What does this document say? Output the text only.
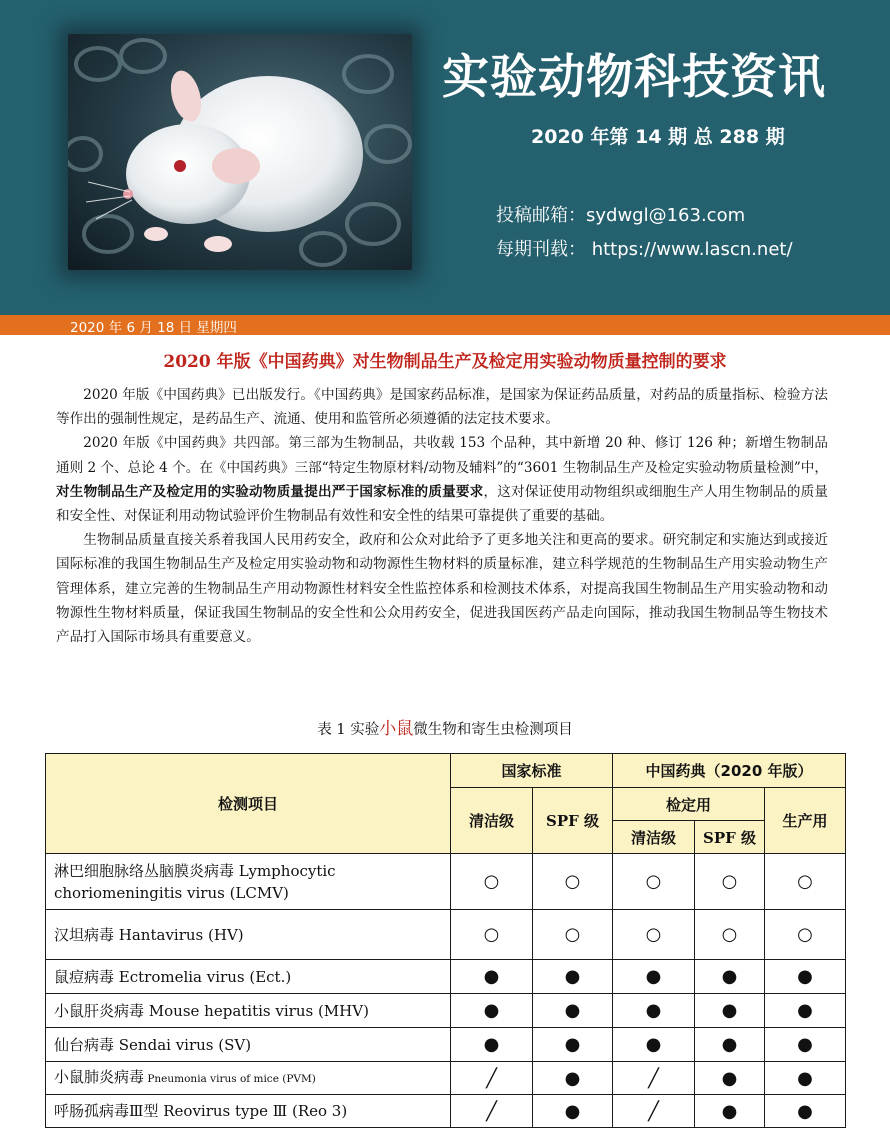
实验动物科技资讯
2020 年第 14 期 总 288 期
投稿邮箱：sydwgl@163.com
每期刊载： https://www.lascn.net/
2020 年 6 月 18 日 星期四
2020 年版《中国药典》对生物制品生产及检定用实验动物质量控制的要求

2020 年版《中国药典》已出版发行。《中国药典》是国家药品标准，是国家为保证药品质量，对药品的质量指标、检验方法等作出的强制性规定，是药品生产、流通、使用和监管所必须遵循的法定技术要求。

2020 年版《中国药典》共四部。第三部为生物制品，共收载 153 个品种，其中新增 20 种、修订 126 种；新增生物制品通则 2 个、总论 4 个。在《中国药典》三部“特定生物原材料/动物及辅料”的“3601 生物制品生产及检定实验动物质量检测”中，对生物制品生产及检定用的实验动物质量提出严于国家标准的质量要求，这对保证使用动物组织或细胞生产人用生物制品的质量和安全性、对保证利用动物试验评价生物制品有效性和安全性的结果可靠提供了重要的基础。

生物制品质量直接关系着我国人民用药安全，政府和公众对此给予了更多地关注和更高的要求。研究制定和实施达到或接近国际标准的我国生物制品生产及检定用实验动物和动物源性生物材料的质量标准，建立科学规范的生物制品生产用实验动物生产管理体系，建立完善的生物制品生产用动物源性材料安全性监控体系和检测技术体系，对提高我国生物制品生产用实验动物和动物源性生物材料质量，保证我国生物制品的安全性和公众用药安全，促进我国医药产品走向国际，推动我国生物制品等生物技术产品打入国际市场具有重要意义。

表 1 实验小鼠微生物和寄生虫检测项目
检测项目	国家标准		中国药典（2020 年版）		
	清洁级	SPF 级	检定用		生产用
			清洁级	SPF 级	
淋巴细胞脉络丛脑膜炎病毒 Lymphocytic choriomeningitis virus (LCMV)	○	○	○	○	○
汉坦病毒 Hantavirus (HV)	○	○	○	○	○
鼠痘病毒 Ectromelia virus (Ect.)	●	●	●	●	●
小鼠肝炎病毒 Mouse hepatitis virus (MHV)	●	●	●	●	●
仙台病毒 Sendai virus (SV)	●	●	●	●	●
小鼠肺炎病毒 Pneumonia virus of mice (PVM)	╱	●	╱	●	●
呼肠孤病毒Ⅲ型 Reovirus type Ⅲ (Reo 3)	╱	●	╱	●	●
